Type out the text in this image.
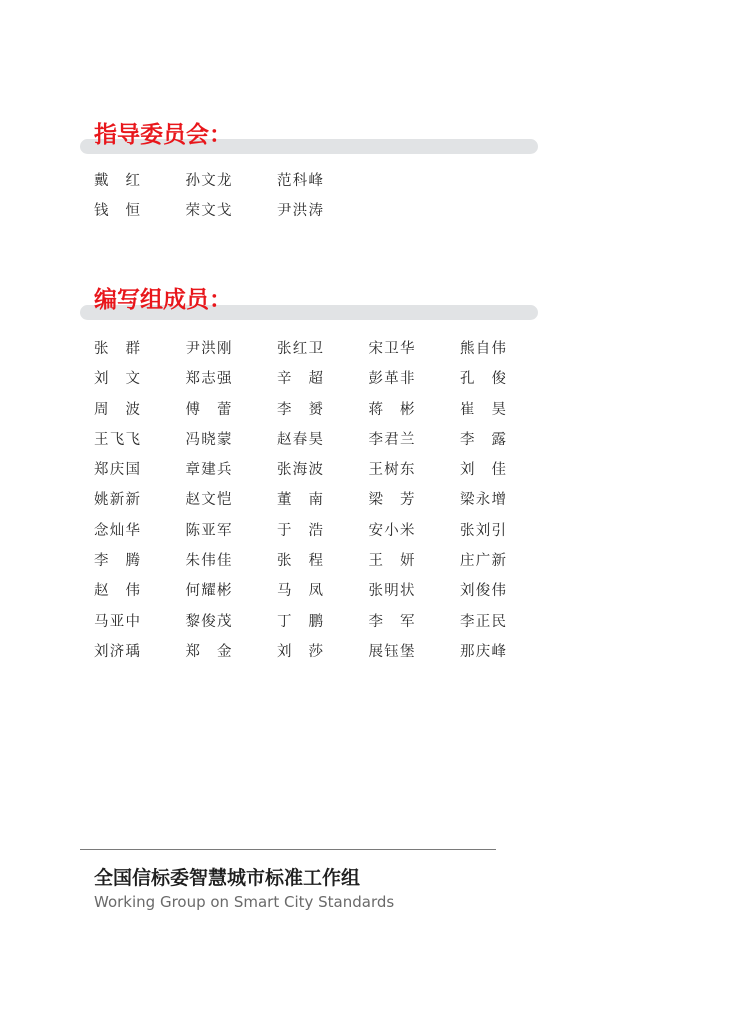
指导委员会：
戴　红	孙文龙	范科峰
钱　恒	荣文戈	尹洪涛
编写组成员：
张　群	尹洪刚	张红卫	宋卫华	熊自伟
刘　文	郑志强	辛　超	彭革非	孔　俊
周　波	傅　蕾	李　赟	蒋　彬	崔　昊
王飞飞	冯晓蒙	赵春昊	李君兰	李　露
郑庆国	章建兵	张海波	王树东	刘　佳
姚新新	赵文恺	董　南	梁　芳	梁永增
念灿华	陈亚军	于　浩	安小米	张刘引
李　腾	朱伟佳	张　程	王　妍	庄广新
赵　伟	何耀彬	马　凤	张明状	刘俊伟
马亚中	黎俊茂	丁　鹏	李　军	李正民
刘济瑀	郑　金	刘　莎	展钰堡	那庆峰
全国信标委智慧城市标准工作组
Working Group on Smart City Standards
